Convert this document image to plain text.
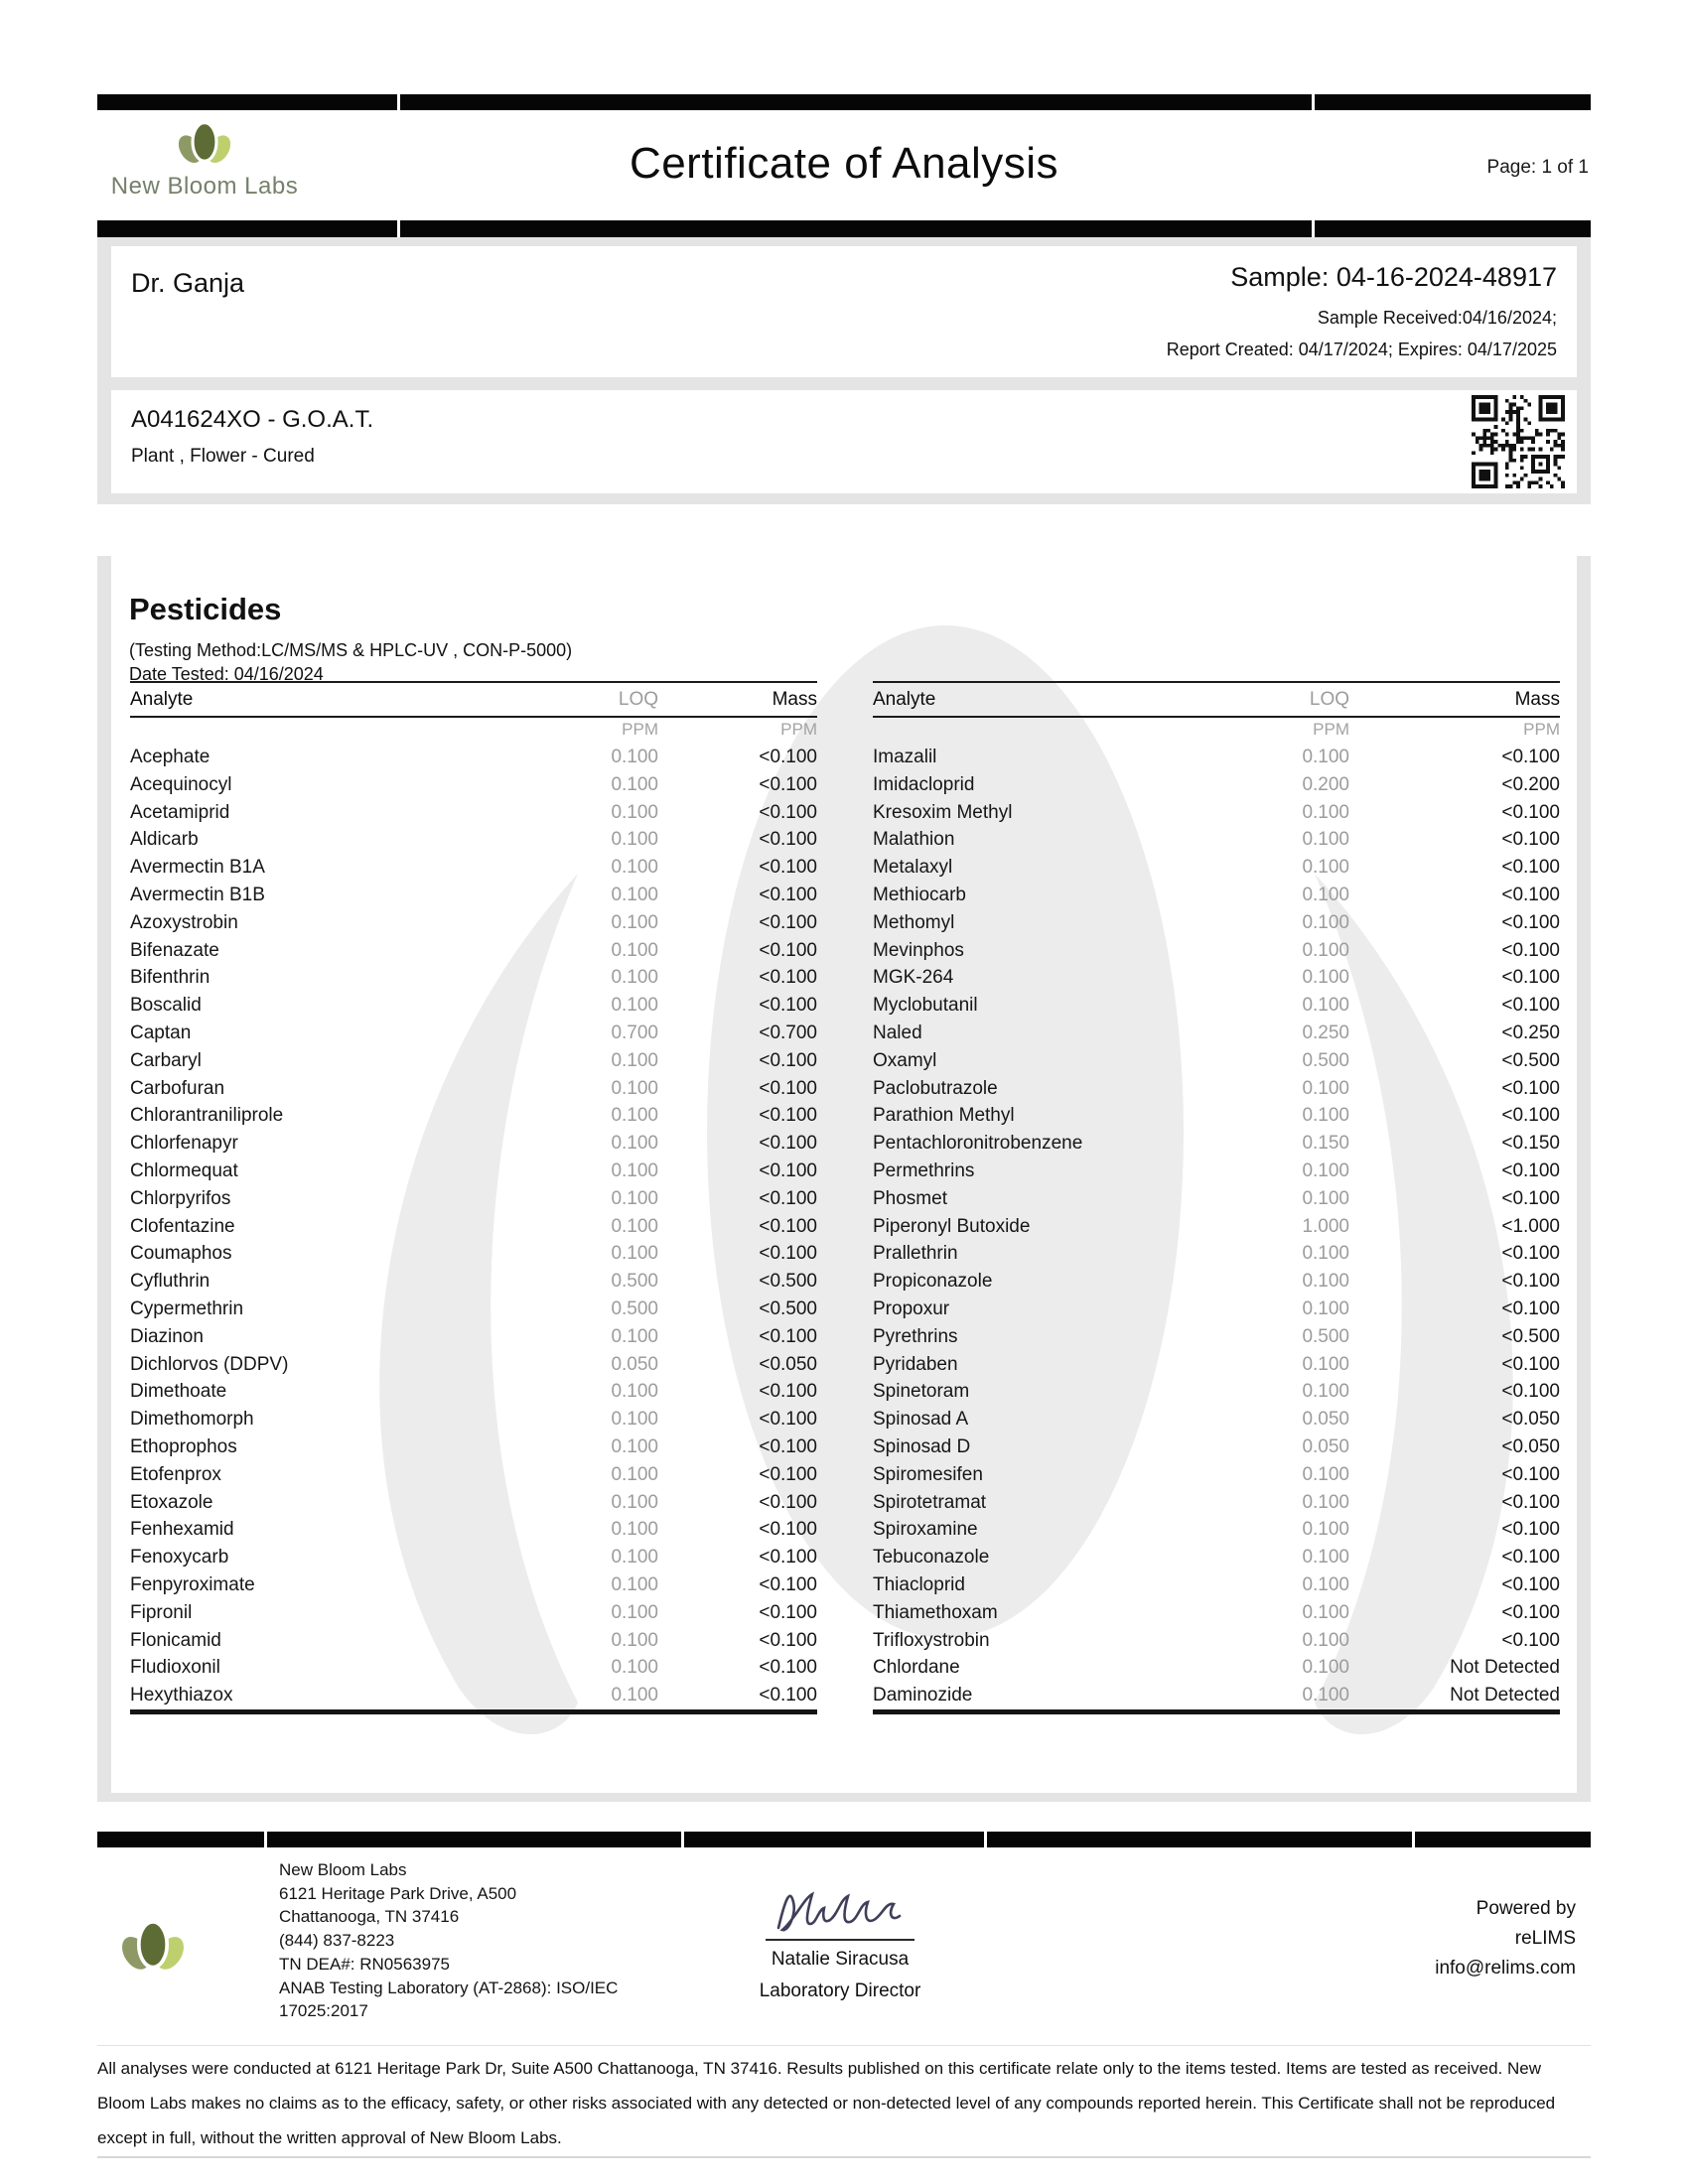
New Bloom Labs	Certificate of Analysis	Page: 1 of 1
Dr. Ganja	Sample: 04-16-2024-48917
Sample Received:04/16/2024;
Report Created: 04/17/2024; Expires: 04/17/2025
A041624XO - G.O.A.T.
Plant , Flower - Cured
Pesticides
(Testing Method:LC/MS/MS & HPLC-UV , CON-P-5000)
Date Tested: 04/16/2024
Analyte	LOQ	Mass
PPM	PPM
Acephate	0.100	<0.100
Acequinocyl	0.100	<0.100
Acetamiprid	0.100	<0.100
Aldicarb	0.100	<0.100
Avermectin B1A	0.100	<0.100
Avermectin B1B	0.100	<0.100
Azoxystrobin	0.100	<0.100
Bifenazate	0.100	<0.100
Bifenthrin	0.100	<0.100
Boscalid	0.100	<0.100
Captan	0.700	<0.700
Carbaryl	0.100	<0.100
Carbofuran	0.100	<0.100
Chlorantraniliprole	0.100	<0.100
Chlorfenapyr	0.100	<0.100
Chlormequat	0.100	<0.100
Chlorpyrifos	0.100	<0.100
Clofentazine	0.100	<0.100
Coumaphos	0.100	<0.100
Cyfluthrin	0.500	<0.500
Cypermethrin	0.500	<0.500
Diazinon	0.100	<0.100
Dichlorvos (DDPV)	0.050	<0.050
Dimethoate	0.100	<0.100
Dimethomorph	0.100	<0.100
Ethoprophos	0.100	<0.100
Etofenprox	0.100	<0.100
Etoxazole	0.100	<0.100
Fenhexamid	0.100	<0.100
Fenoxycarb	0.100	<0.100
Fenpyroximate	0.100	<0.100
Fipronil	0.100	<0.100
Flonicamid	0.100	<0.100
Fludioxonil	0.100	<0.100
Hexythiazox	0.100	<0.100
Analyte	LOQ	Mass
PPM	PPM
Imazalil	0.100	<0.100
Imidacloprid	0.200	<0.200
Kresoxim Methyl	0.100	<0.100
Malathion	0.100	<0.100
Metalaxyl	0.100	<0.100
Methiocarb	0.100	<0.100
Methomyl	0.100	<0.100
Mevinphos	0.100	<0.100
MGK-264	0.100	<0.100
Myclobutanil	0.100	<0.100
Naled	0.250	<0.250
Oxamyl	0.500	<0.500
Paclobutrazole	0.100	<0.100
Parathion Methyl	0.100	<0.100
Pentachloronitrobenzene	0.150	<0.150
Permethrins	0.100	<0.100
Phosmet	0.100	<0.100
Piperonyl Butoxide	1.000	<1.000
Prallethrin	0.100	<0.100
Propiconazole	0.100	<0.100
Propoxur	0.100	<0.100
Pyrethrins	0.500	<0.500
Pyridaben	0.100	<0.100
Spinetoram	0.100	<0.100
Spinosad A	0.050	<0.050
Spinosad D	0.050	<0.050
Spiromesifen	0.100	<0.100
Spirotetramat	0.100	<0.100
Spiroxamine	0.100	<0.100
Tebuconazole	0.100	<0.100
Thiacloprid	0.100	<0.100
Thiamethoxam	0.100	<0.100
Trifloxystrobin	0.100	<0.100
Chlordane	0.100	Not Detected
Daminozide	0.100	Not Detected
New Bloom Labs
6121 Heritage Park Drive, A500
Chattanooga, TN 37416
(844) 837-8223
TN DEA#: RN0563975
ANAB Testing Laboratory (AT-2868): ISO/IEC
17025:2017
Natalie Siracusa
Laboratory Director
Powered by
reLIMS
info@relims.com

All analyses were conducted at 6121 Heritage Park Dr, Suite A500 Chattanooga, TN 37416. Results published on this certificate relate only to the items tested. Items are tested as received. New Bloom Labs makes no claims as to the efficacy, safety, or other risks associated with any detected or non-detected level of any compounds reported herein. This Certificate shall not be reproduced except in full, without the written approval of New Bloom Labs.
